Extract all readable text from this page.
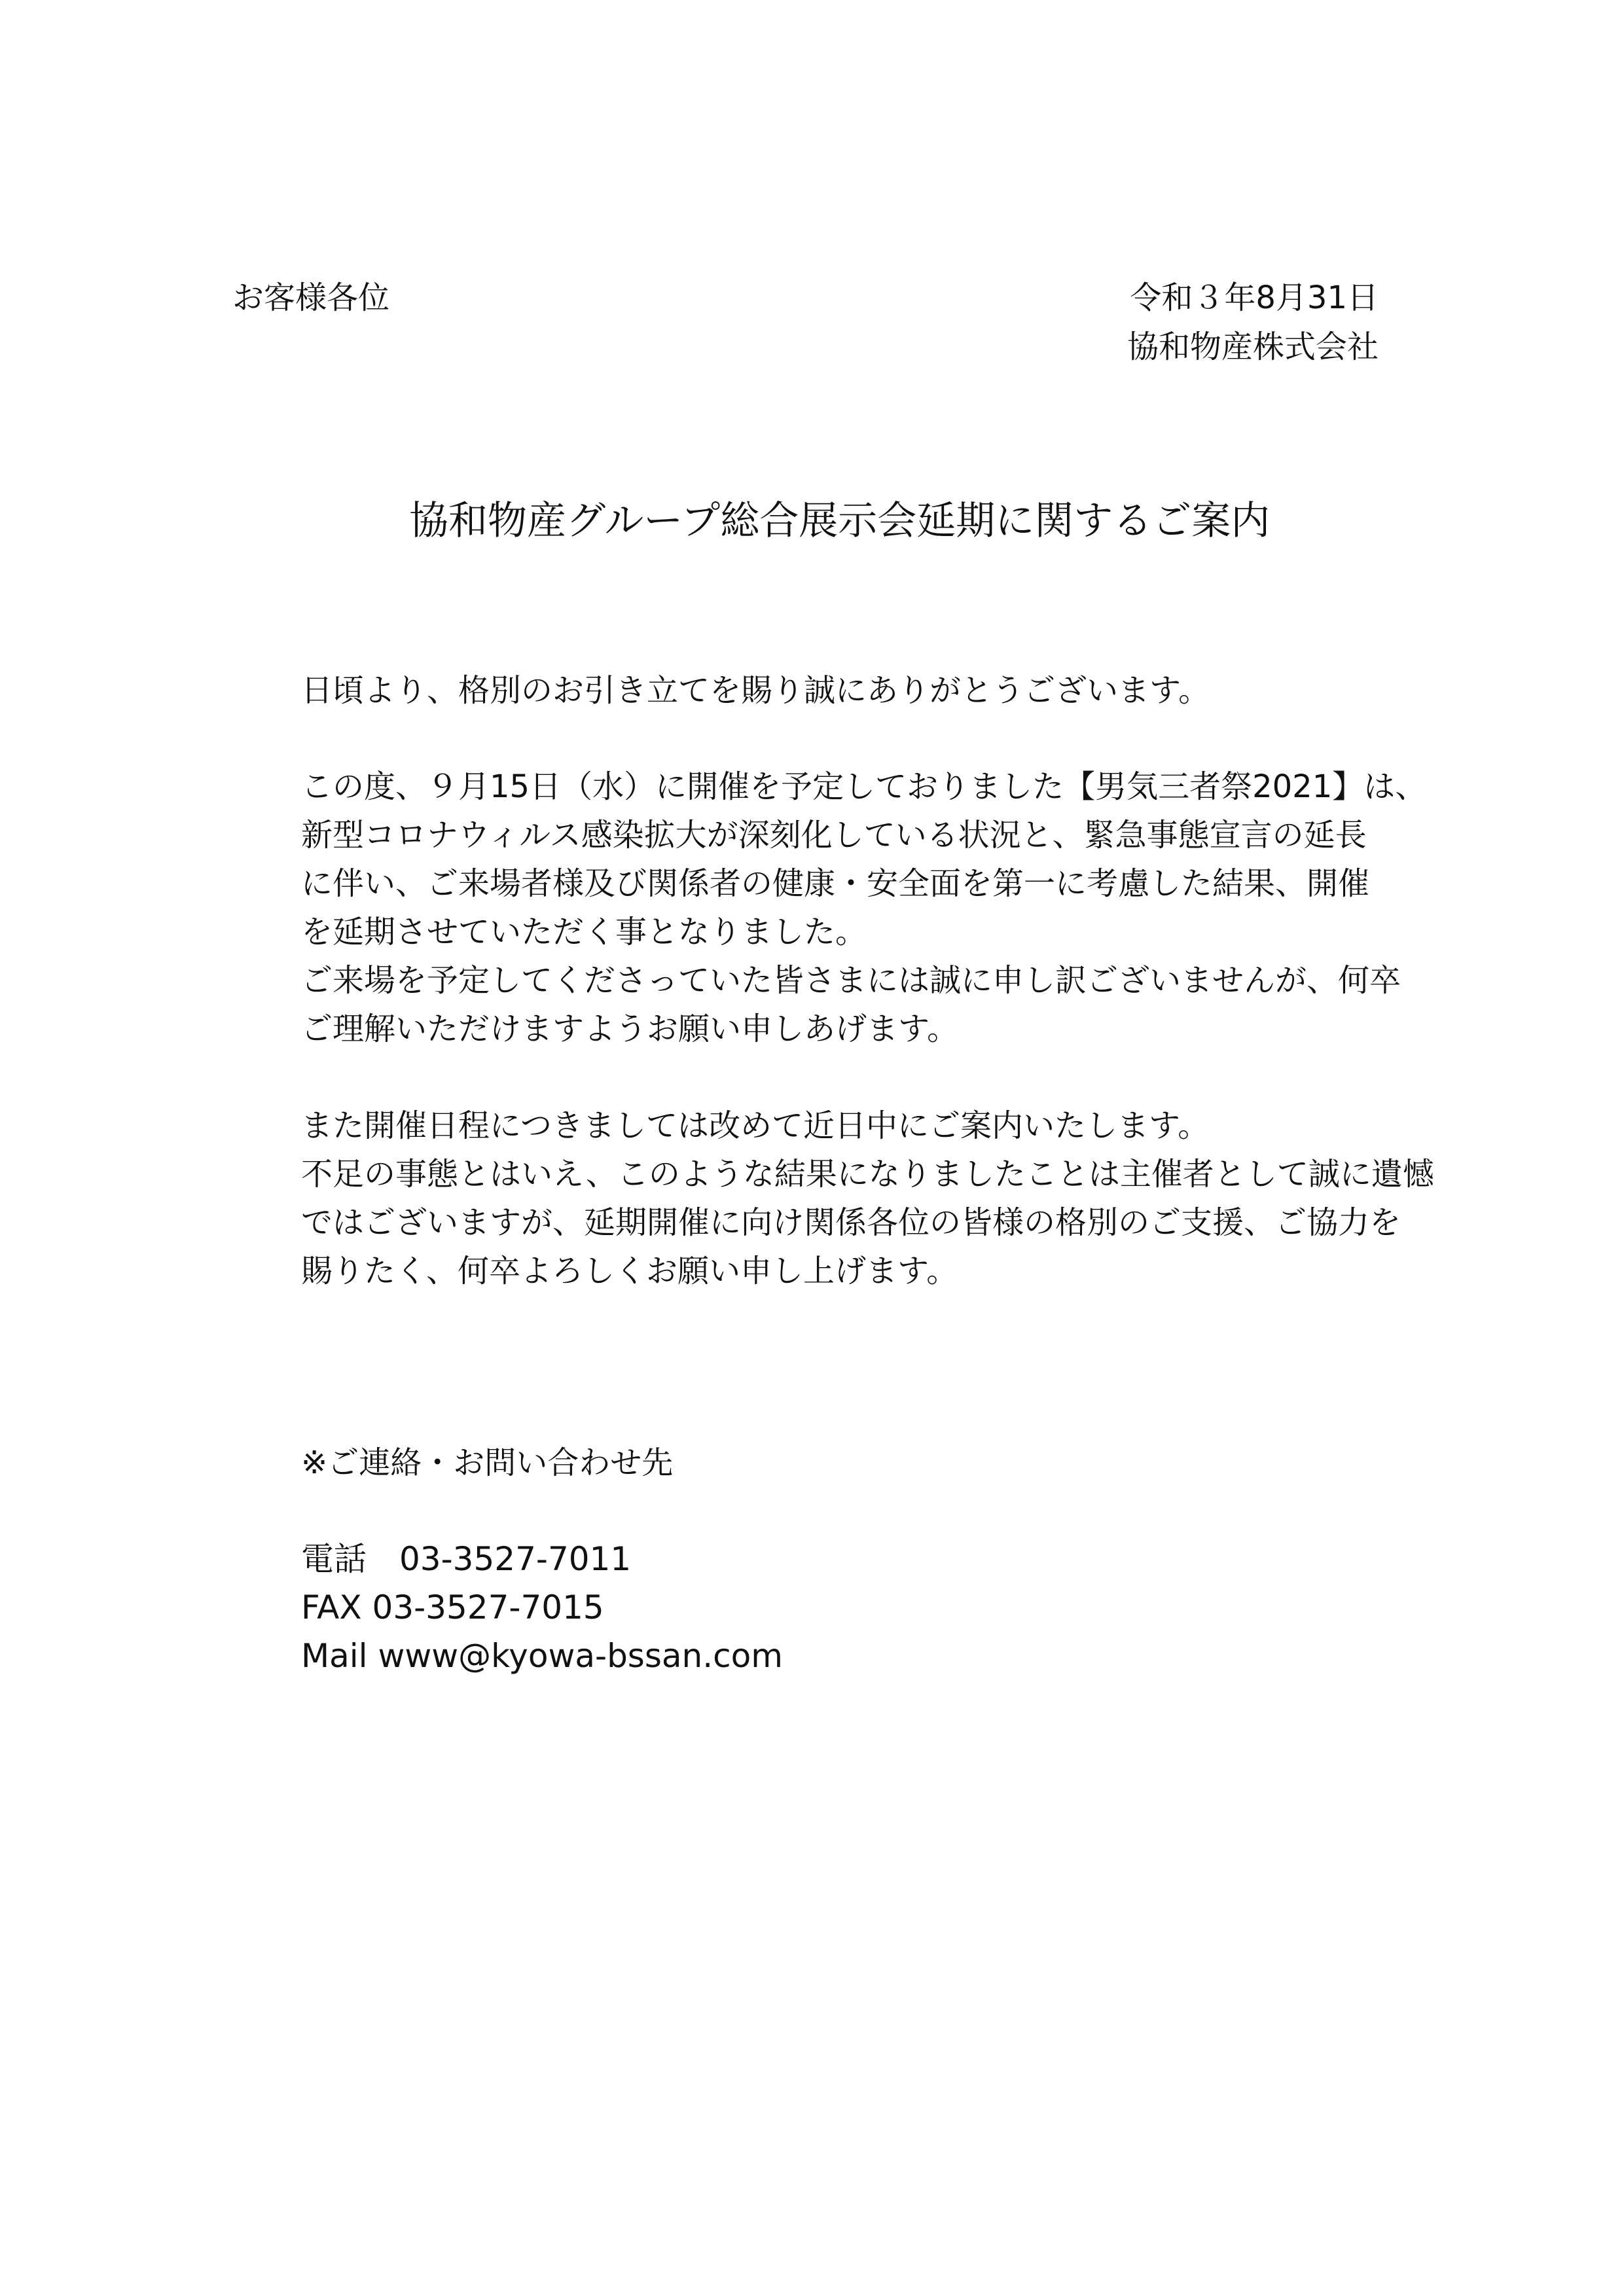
お客様各位	令和３年8月31日
協和物産株式会社
協和物産グループ総合展示会延期に関するご案内
日頃より、格別のお引き立てを賜り誠にありがとうございます。
この度、９月15日（水）に開催を予定しておりました【男気三者祭2021】は、
新型コロナウィルス感染拡大が深刻化している状況と、緊急事態宣言の延長
に伴い、ご来場者様及び関係者の健康・安全面を第一に考慮した結果、開催
を延期させていただく事となりました。
ご来場を予定してくださっていた皆さまには誠に申し訳ございませんが、何卒
ご理解いただけますようお願い申しあげます。
また開催日程につきましては改めて近日中にご案内いたします。
不足の事態とはいえ、このような結果になりましたことは主催者として誠に遺憾
ではございますが、延期開催に向け関係各位の皆様の格別のご支援、ご協力を
賜りたく、何卒よろしくお願い申し上げます。
※ご連絡・お問い合わせ先
電話　03-3527-7011
FAX 03-3527-7015
Mail www@kyowa-bssan.com
